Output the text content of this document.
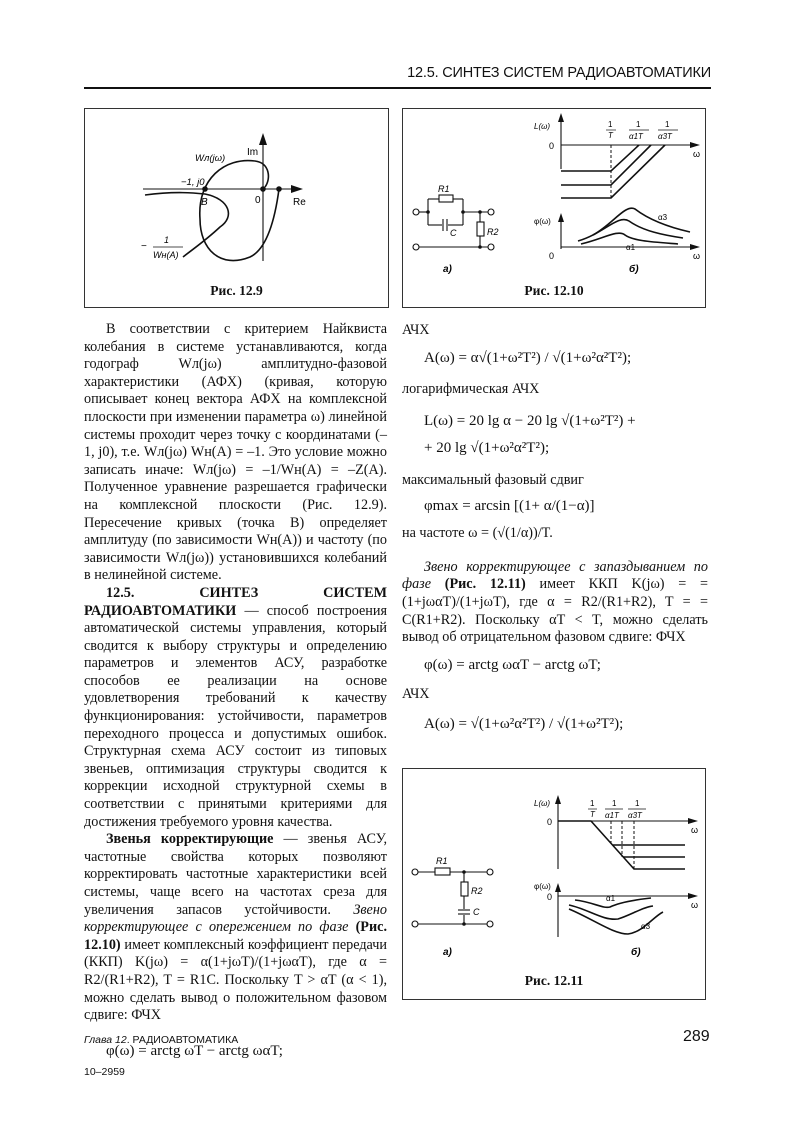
12.5. СИНТЕЗ СИСТЕМ РАДИОАВТОМАТИКИ
Im
Re
0
−1, j0
B
Wл(jω)
−
1
Wн(A)
Рис. 12.9
R1
C	R2
а)
L(ω)
0
ω
1
T
1
α1T
1
α3T
φ(ω)
0	ω
α3
α1
б)
Рис. 12.10

В соответствии с критерием Найквиста колебания в системе устанавливаются, когда годограф Wл(jω) амплитудно-фазовой характеристики (АФХ) (кривая, которую описывает конец вектора АФХ на комплексной плоскости при изменении параметра ω) линейной системы проходит через точку с координатами (–1, j0), т.е. Wл(jω) Wн(A) = –1. Это условие можно записать иначе: Wл(jω) = –1/Wн(A) = –Z(A). Полученное уравнение разрешается графически на комплексной плоскости (Рис. 12.9). Пересечение кривых (точка B) определяет амплитуду (по зависимости Wн(A)) и частоту (по зависимости Wл(jω)) установившихся колебаний в нелинейной системе.

12.5. СИНТЕЗ СИСТЕМ РАДИОАВТОМАТИКИ — способ построения автоматической системы управления, который сводится к выбору структуры и определению параметров и элементов АСУ, разработке способов ее реализации на основе удовлетворения требований к качеству функционирования: устойчивости, параметров переходного процесса и допустимых ошибок. Структурная схема АСУ состоит из типовых звеньев, оптимизация структуры сводится к коррекции исходной структурной схемы в соответствии с принятыми критериями для достижения требуемого уровня качества.

Звенья корректирующие — звенья АСУ, частотные свойства которых позволяют корректировать частотные характеристики всей системы, чаще всего на частотах среза для увеличения запасов устойчивости. Звено корректирующее с опережением по фазе (Рис. 12.10) имеет комплексный коэффициент передачи (ККП) K(jω) = α(1+jωT)/(1+jωαT), где α = R2/(R1+R2), T = R1C. Поскольку T > αT (α < 1), можно сделать вывод о положительном фазовом сдвиге: ФЧХ

φ(ω) = arctg ωT − arctg ωαT;

АЧХ

A(ω) = α√(1+ω²T²) / √(1+ω²α²T²);

логарифмическая АЧХ

L(ω) = 20 lg α − 20 lg √(1+ω²T²) +

+ 20 lg √(1+ω²α²T²);

максимальный фазовый сдвиг

φmax = arcsin [(1+ α/(1−α)]

на частоте ω = (√(1/α))/T.

Звено корректирующее с запаздыванием по фазе (Рис. 12.11) имеет ККП K(jω) = = (1+jωαT)/(1+jωT), где α = R2/(R1+R2), T = = C(R1+R2). Поскольку αT < T, можно сделать вывод об отрицательном фазовом сдвиге: ФЧХ

φ(ω) = arctg ωαT − arctg ωT;

АЧХ

A(ω) = √(1+ω²α²T²) / √(1+ω²T²);

R1
R2
C
а)
L(ω)
0
ω
1
T
1
α1T
1
α3T
φ(ω)
0
ω
α1
α3
б)
Рис. 12.11
Глава 12. РАДИОАВТОМАТИКА	289
10–2959
